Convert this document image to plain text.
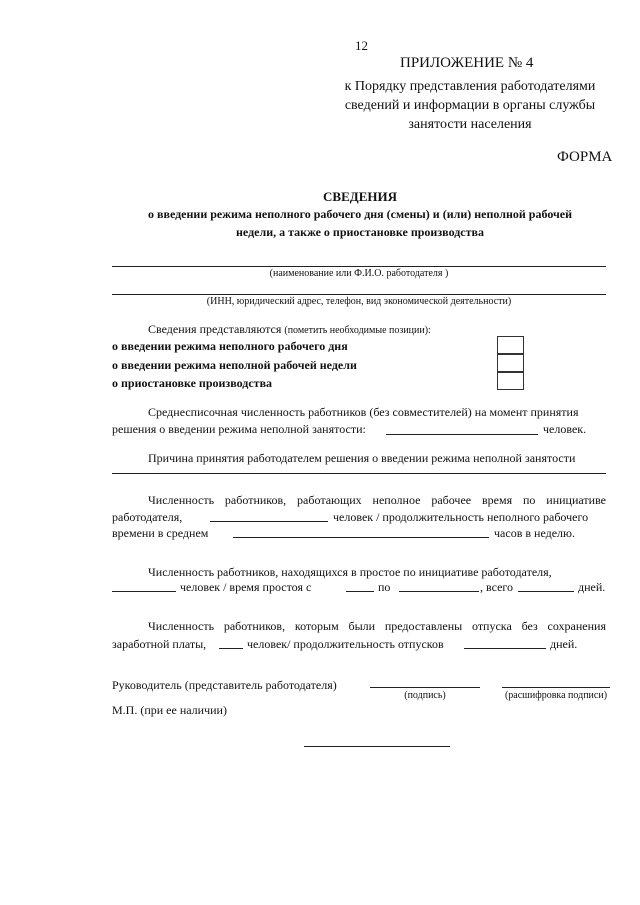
12
ПРИЛОЖЕНИЕ № 4
к Порядку представления работодателями
сведений и информации в органы службы
занятости населения
ФОРМА
СВЕДЕНИЯ
о введении режима неполного рабочего дня (смены) и (или) неполной рабочей
недели, а также о приостановке производства
(наименование или Ф.И.О. работодателя )
(ИНН, юридический адрес, телефон, вид экономической деятельности)
Сведения представляются (пометить необходимые позиции):
о введении режима неполного рабочего дня
о введении режима неполной рабочей недели
о приостановке производства
Среднесписочная численность работников (без совместителей) на момент принятия
решения о введении режима неполной занятости:	человек.
Причина принятия работодателем решения о введении режима неполной занятости
Численность работников, работающих неполное рабочее время по инициативе
работодателя,	человек / продолжительность неполного рабочего
времени в среднем	часов в неделю.
Численность работников, находящихся в простое по инициативе работодателя,
человек / время простоя с	по	, всего	дней.
Численность работников, которым были предоставлены отпуска без сохранения
заработной платы,	человек/ продолжительность отпусков	дней.
Руководитель (представитель работодателя)
(подпись)	(расшифровка подписи)
М.П. (при ее наличии)
